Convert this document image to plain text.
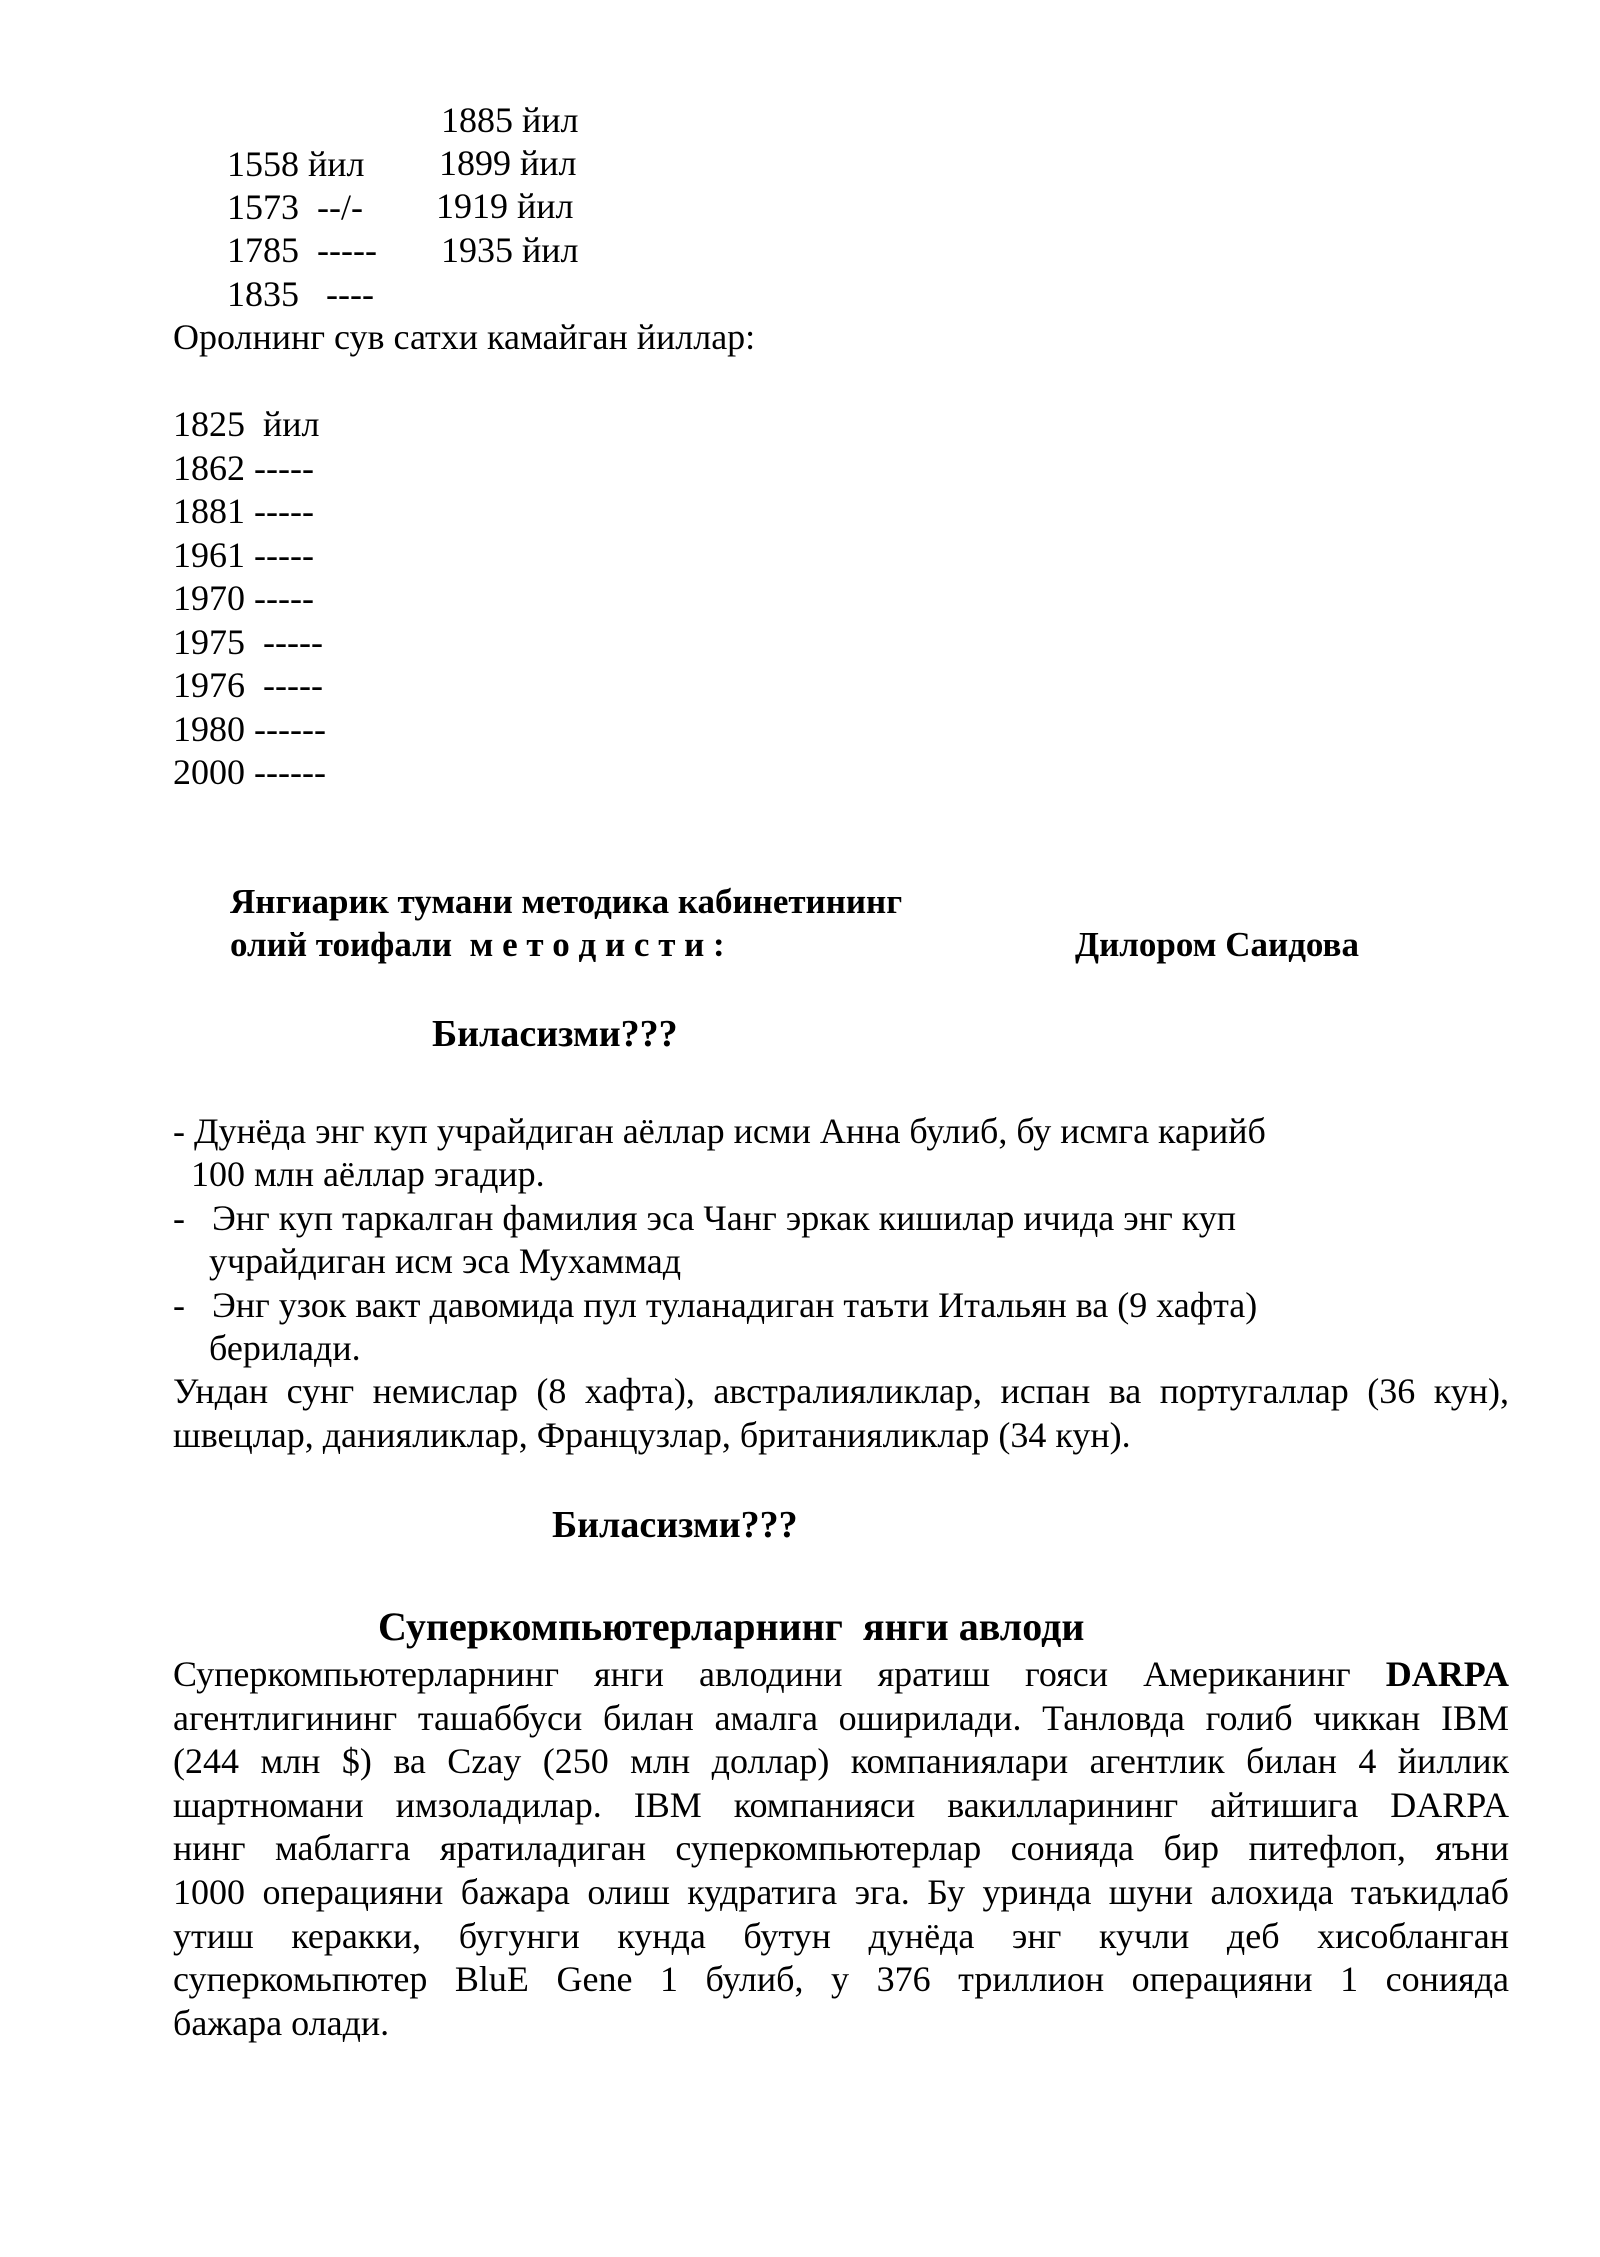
1558 йил

1885 йил

1573  --/-

1899 йил

1785  -----

1919 йил

1835   ----

1935 йил

Оролнинг сув сатхи камайган йиллар:
1825  йил
1862 -----
1881 -----
1961 -----
1970 -----
1975  -----
1976  -----
1980 ------
2000 ------
Янгиарик тумани методика кабинетининг
олий тоифали  м е т о д и с т и :	Дилором Саидова
Биласизми???
- Дунёда энг куп учрайдиган аёллар исми Анна булиб, бу исмга карийб
100 млн аёллар эгадир.
-   Энг куп таркалган фамилия эса Чанг эркак кишилар ичида энг куп
учрайдиган исм эса Мухаммад
-   Энг узок вакт давомида пул туланадиган таъти Итальян ва (9 хафта)
берилади.
Ундан сунг немислар (8 хафта), австралияликлар, испан ва португаллар (36 кун),
швецлар, данияликлар, Французлар, британияликлар (34 кун).
Биласизми???
Суперкомпьютерларнинг  янги авлоди
Суперкомпьютерларнинг янги авлодини яратиш гояси Американинг DARPA
агентлигининг ташаббуси билан амалга оширилади. Танловда голиб чиккан IBM
(244 млн $) ва Czay (250 млн доллар) компаниялари агентлик билан 4 йиллик
шартномани имзоладилар. IBM компанияси вакилларининг айтишига DARPA
нинг маблагга яратиладиган суперкомпьютерлар сонияда бир питефлоп, яъни
1000 операцияни бажара олиш кудратига эга. Бу уринда шуни алохида таъкидлаб
утиш керакки, бугунги кунда бутун дунёда энг кучли деб хисобланган
суперкомьпютер BluE Gene 1 булиб, у 376 триллион операцияни 1 сонияда
бажара олади.
